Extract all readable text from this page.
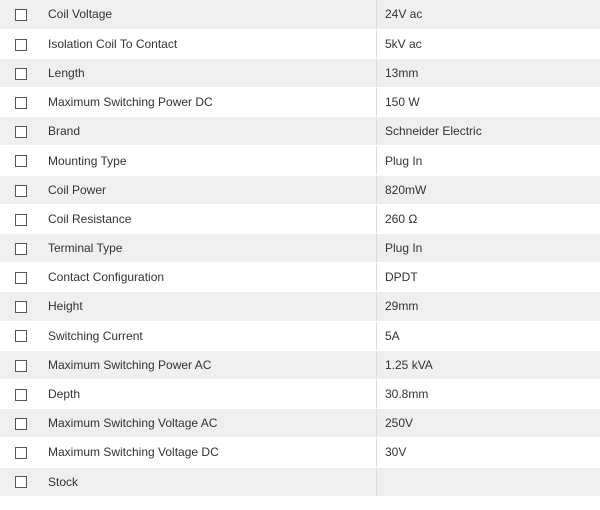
	Coil Voltage	24V ac
	Isolation Coil To Contact	5kV ac
	Length	13mm
	Maximum Switching Power DC	150 W
	Brand	Schneider Electric
	Mounting Type	Plug In
	Coil Power	820mW
	Coil Resistance	260 Ω
	Terminal Type	Plug In
	Contact Configuration	DPDT
	Height	29mm
	Switching Current	5A
	Maximum Switching Power AC	1.25 kVA
	Depth	30.8mm
	Maximum Switching Voltage AC	250V
	Maximum Switching Voltage DC	30V
	Stock	
